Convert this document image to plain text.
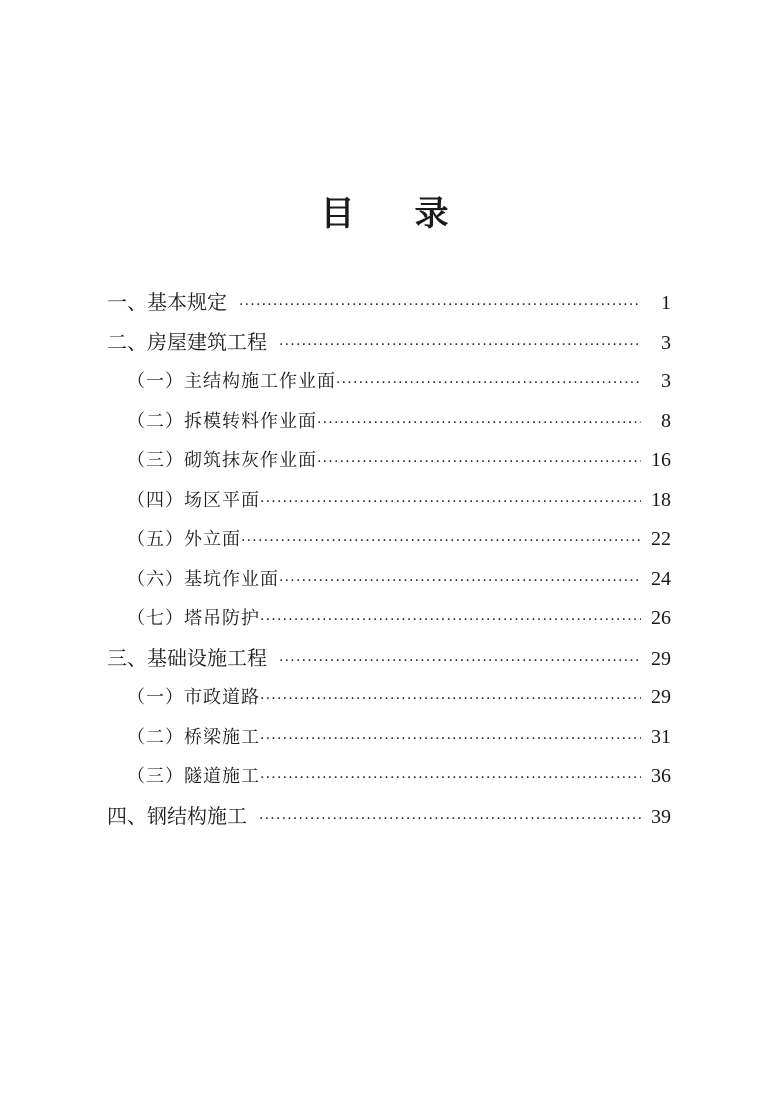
目 录
一、基本规定 ·····	1
二、房屋建筑工程 ·····	3
（一）主结构施工作业面 ·····	3
（二）拆模转料作业面 ·····	8
（三）砌筑抹灰作业面 ·····	16
（四）场区平面 ·····	18
（五）外立面 ·····	22
（六）基坑作业面 ·····	24
（七）塔吊防护 ·····	26
三、基础设施工程 ·····	29
（一）市政道路 ·····	29
（二）桥梁施工 ·····	31
（三）隧道施工 ·····	36
四、钢结构施工 ·····	39
